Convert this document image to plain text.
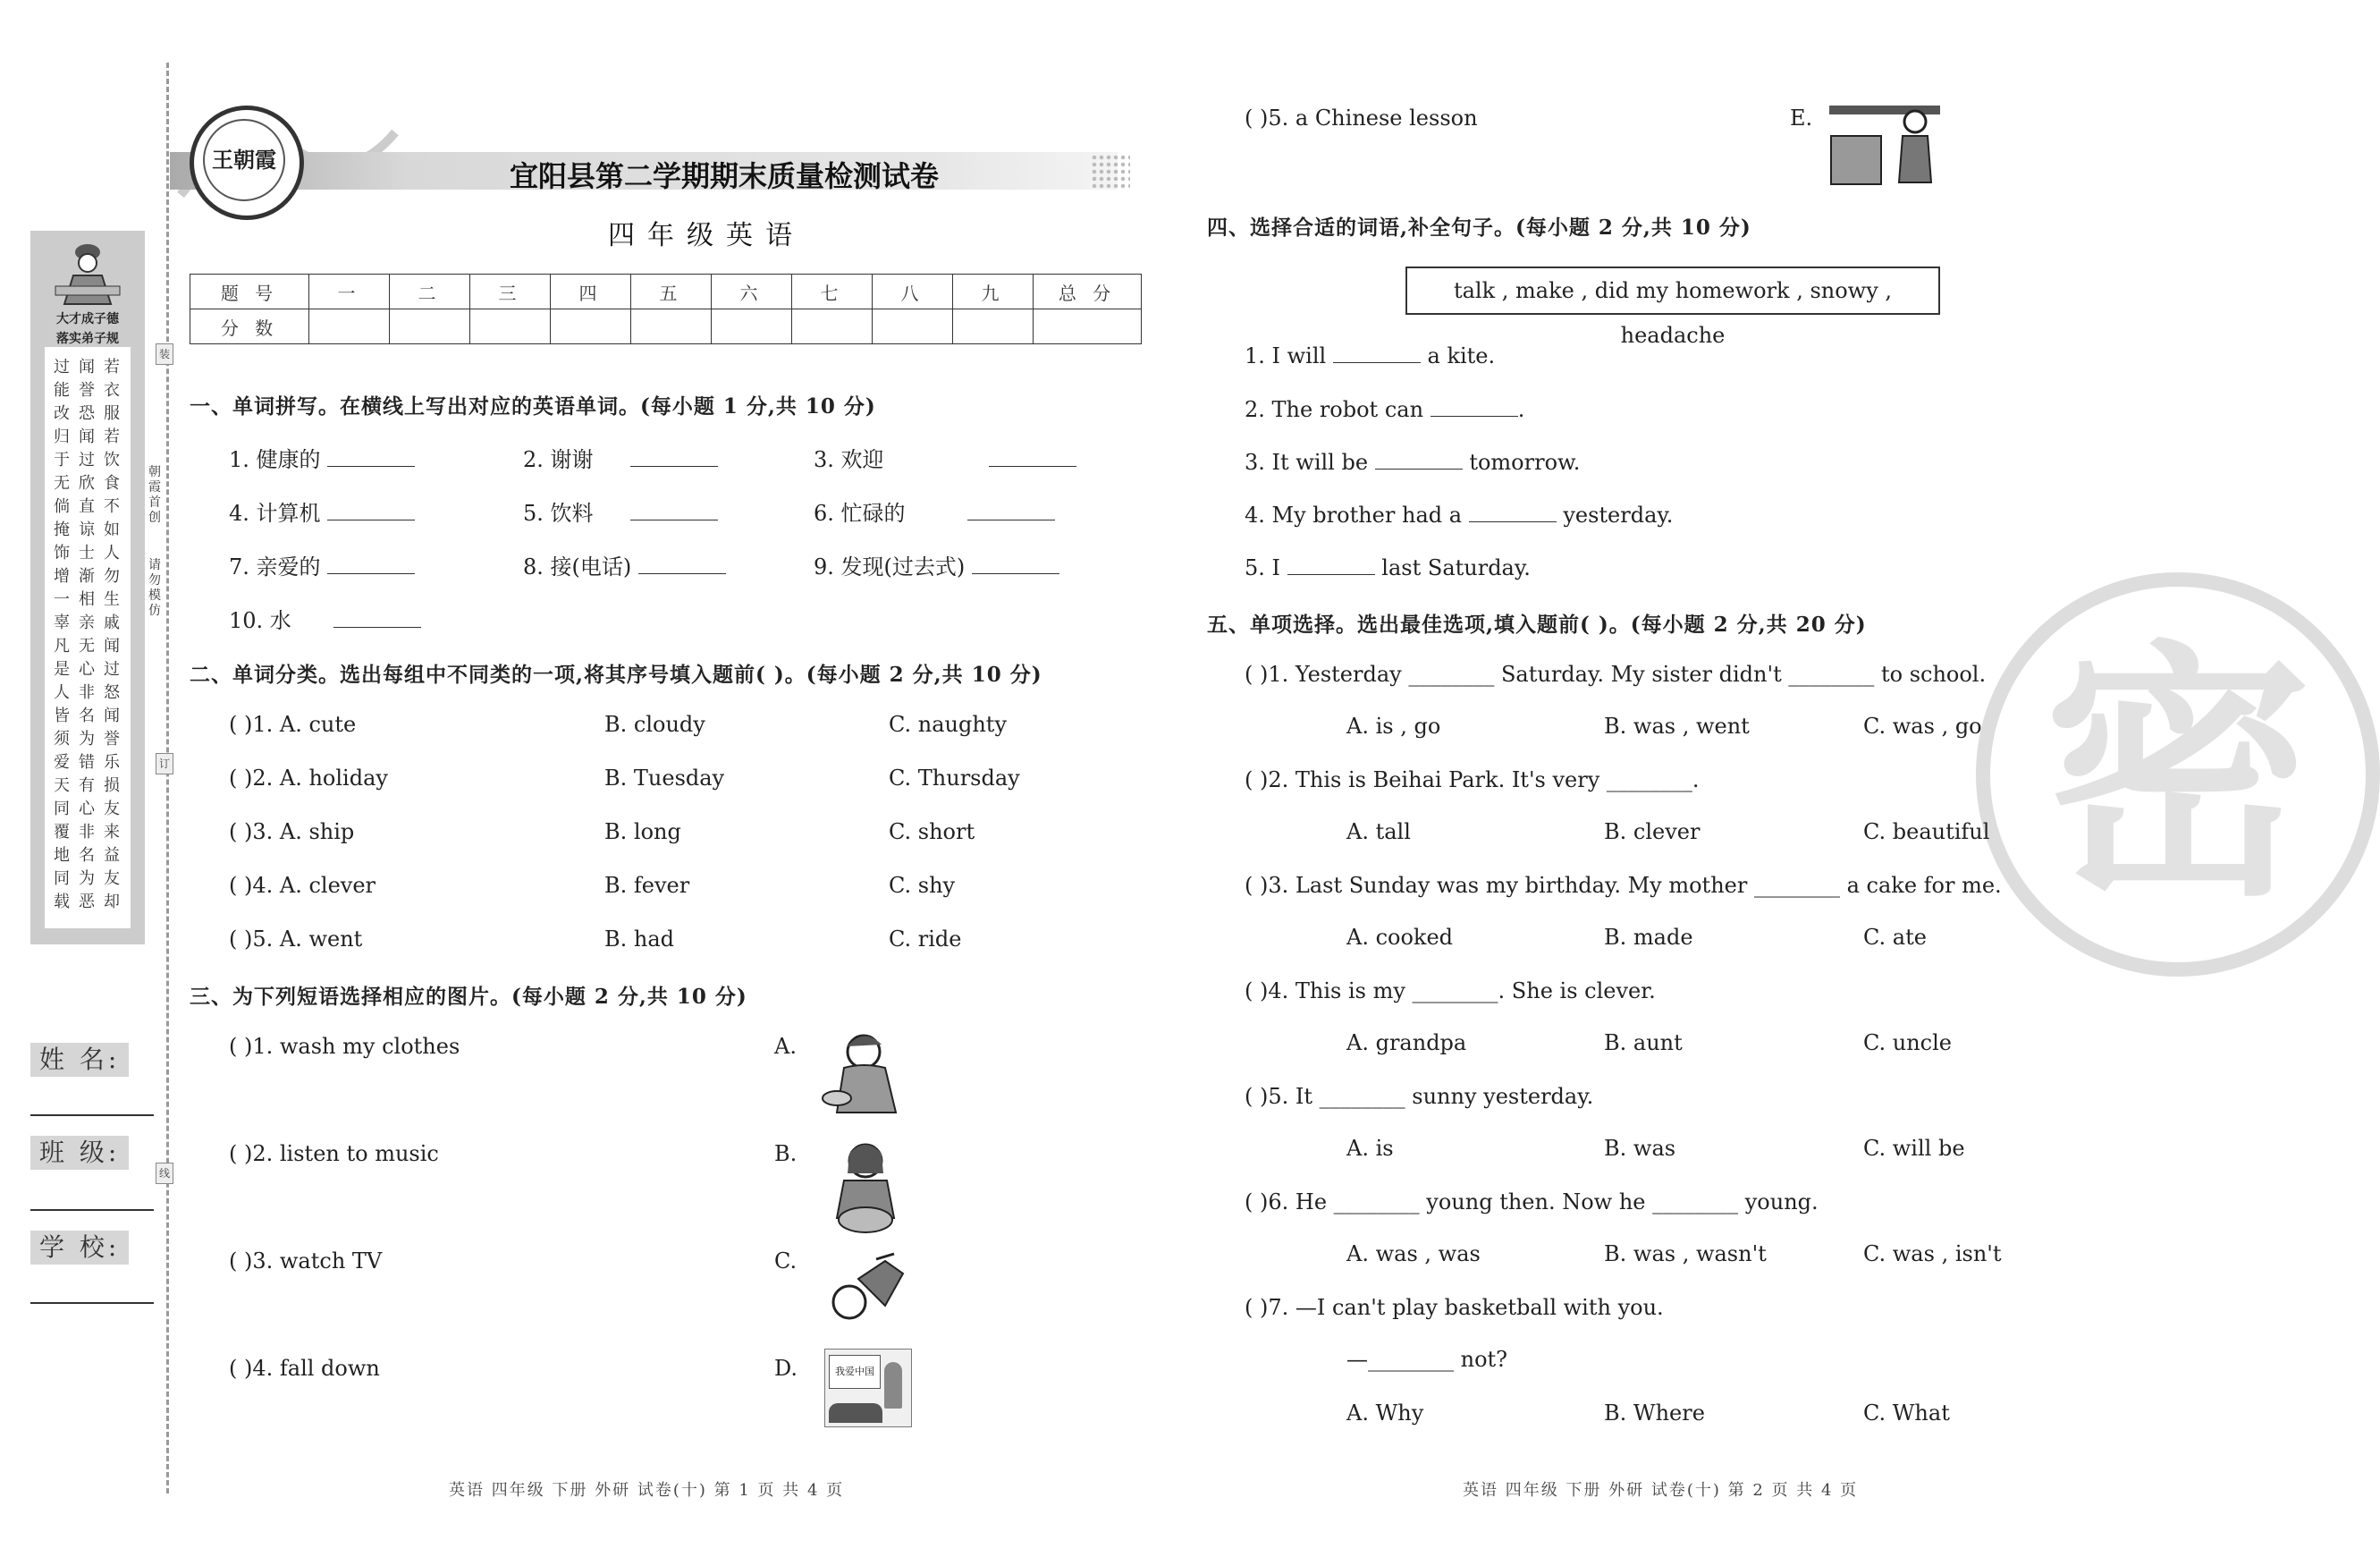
大才成子德
落实弟子规
过能改归于无倘掩饰增一辜凡是人皆须爱天同覆地同载
闻誉恐闻过欣直谅士渐相亲无心非名为错有心非名为恶
若衣服若饮食不如人勿生戚闻过怒闻誉乐损友来益友却
装
朝霞首创
请勿模仿
订
线
姓 名:
班 级:
学 校:
王朝霞	宜阳县第二学期期末质量检测试卷
四年级英语
题 号	一	二	三	四	五	六	七	八	九	总 分
分 数										
一、单词拼写。在横线上写出对应的英语单词。(每小题 1 分,共 10 分)
1. 健康的	2. 谢谢	3. 欢迎
4. 计算机	5. 饮料	6. 忙碌的
7. 亲爱的	8. 接(电话)	9. 发现(过去式)
10. 水
二、单词分类。选出每组中不同类的一项,将其序号填入题前( )。(每小题 2 分,共 10 分)
( )1. A. cute	B. cloudy	C. naughty
( )2. A. holiday	B. Tuesday	C. Thursday
( )3. A. ship	B. long	C. short
( )4. A. clever	B. fever	C. shy
( )5. A. went	B. had	C. ride
三、为下列短语选择相应的图片。(每小题 2 分,共 10 分)
( )1. wash my clothes	A.
( )2. listen to music	B.
( )3. watch TV	C.
( )4. fall down	D.	我爱中国
( )5. a Chinese lesson	E.
四、选择合适的词语,补全句子。(每小题 2 分,共 10 分)
talk , make , did my homework , snowy , headache
1. I will	a kite.
2. The robot can	.
3. It will be	tomorrow.
4. My brother had a	yesterday.
5. I	last Saturday.
密
五、单项选择。选出最佳选项,填入题前( )。(每小题 2 分,共 20 分)
( )1. Yesterday ________ Saturday. My sister didn't ________ to school.
A. is , go	B. was , went	C. was , go
( )2. This is Beihai Park. It's very ________.
A. tall	B. clever	C. beautiful
( )3. Last Sunday was my birthday. My mother ________ a cake for me.
A. cooked	B. made	C. ate
( )4. This is my ________. She is clever.
A. grandpa	B. aunt	C. uncle
( )5. It ________ sunny yesterday.
A. is	B. was	C. will be
( )6. He ________ young then. Now he ________ young.
A. was , was	B. was , wasn't	C. was , isn't
( )7. —I can't play basketball with you.
—________ not?
A. Why	B. Where	C. What
英语 四年级 下册 外研 试卷(十) 第 1 页 共 4 页	英语 四年级 下册 外研 试卷(十) 第 2 页 共 4 页
